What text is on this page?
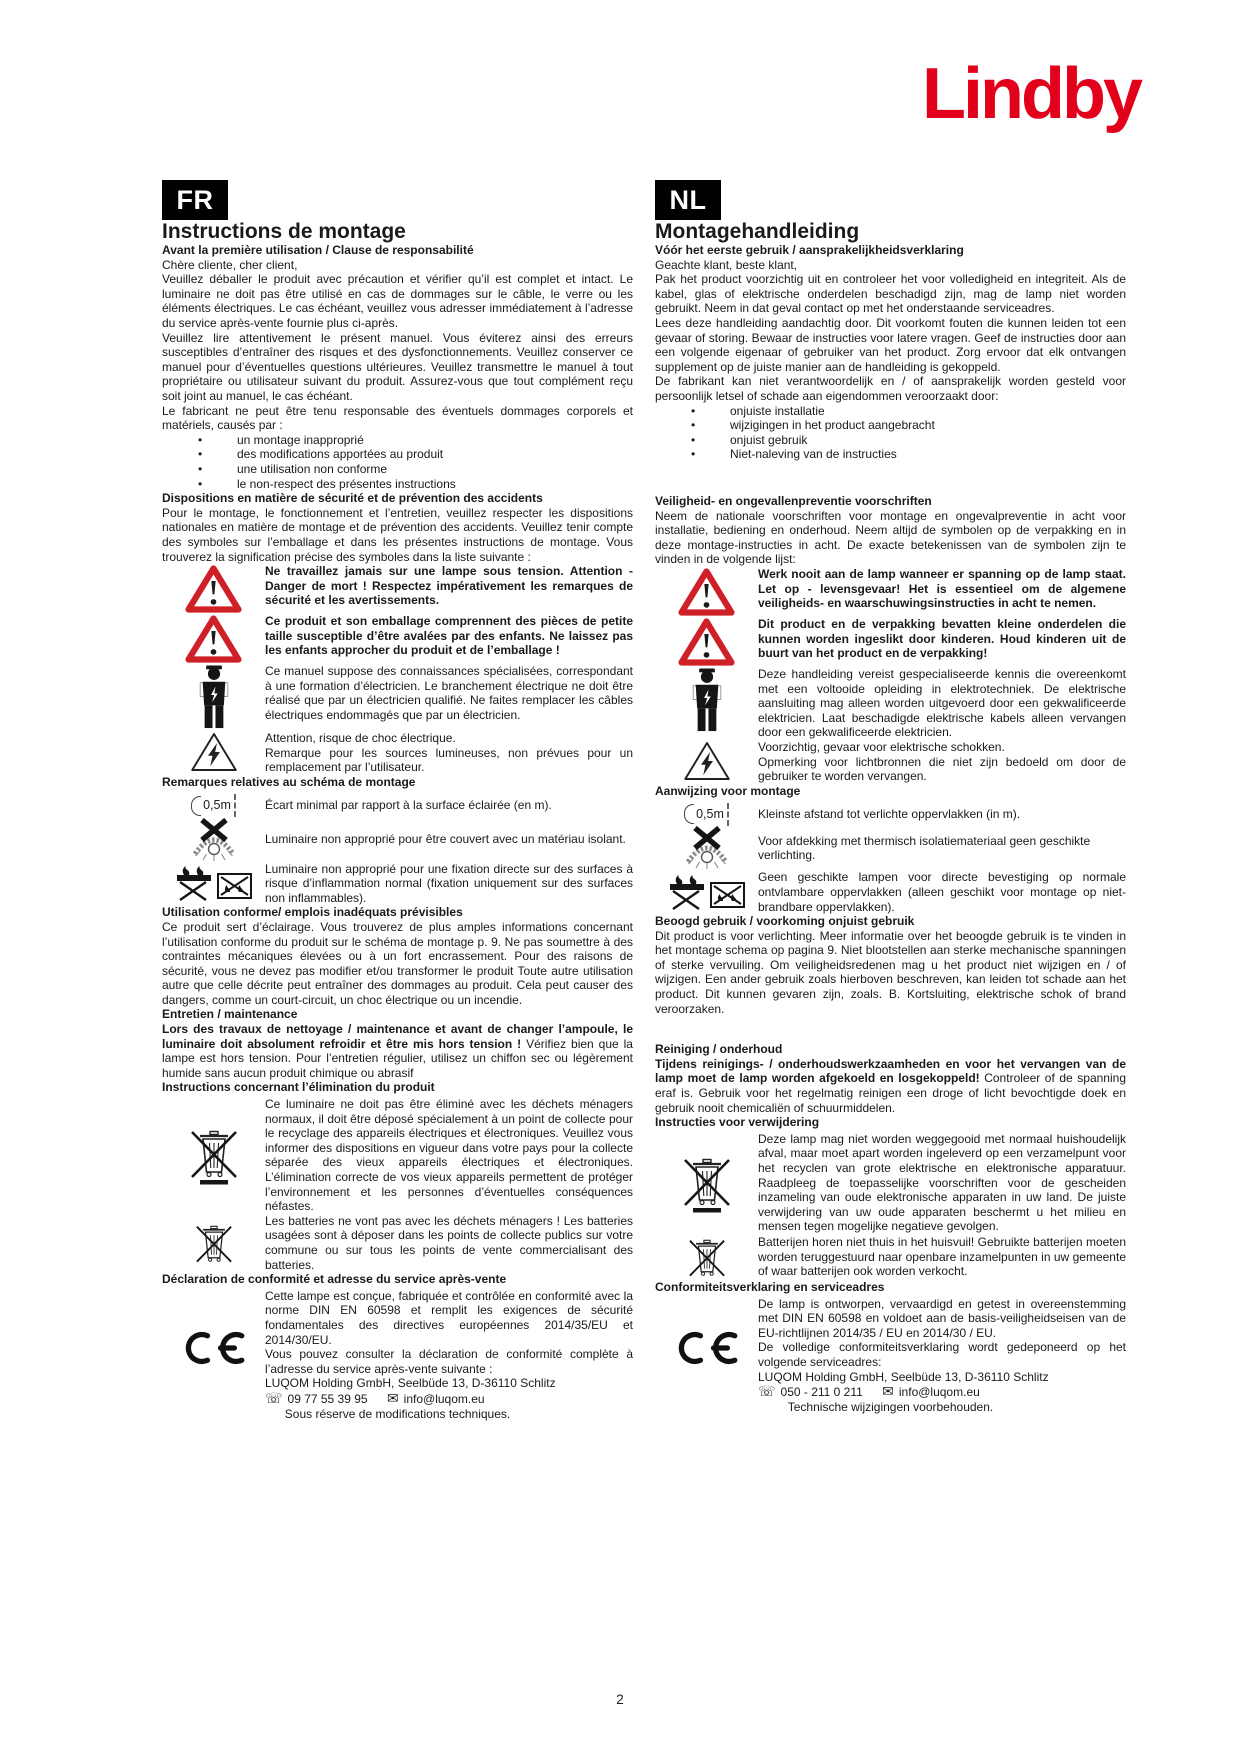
Lindby
FR
Instructions de montage
Avant la première utilisation / Clause de responsabilité
Chère cliente, cher client,
Veuillez déballer le produit avec précaution et vérifier qu’il est complet et intact. Le luminaire ne doit pas être utilisé en cas de dommages sur le câble, le verre ou les éléments électriques. Le cas échéant, veuillez vous adresser immédiatement à l’adresse du service après-vente fournie plus ci-après.
Veuillez lire attentivement le présent manuel. Vous éviterez ainsi des erreurs susceptibles d’entraîner des risques et des dysfonctionnements. Veuillez conserver ce manuel pour d’éventuelles questions ultérieures. Veuillez transmettre le manuel à tout propriétaire ou utilisateur suivant du produit. Assurez-vous que tout complément reçu soit joint au manuel, le cas échéant.
Le fabricant ne peut être tenu responsable des éventuels dommages corporels et matériels, causés par :
• un montage inapproprié
• des modifications apportées au produit
• une utilisation non conforme
• le non-respect des présentes instructions
Dispositions en matière de sécurité et de prévention des accidents
Pour le montage, le fonctionnement et l’entretien, veuillez respecter les dispositions nationales en matière de montage et de prévention des accidents. Veuillez tenir compte des symboles sur l’emballage et dans les présentes instructions de montage. Vous trouverez la signification précise des symboles dans la liste suivante :
Ne travaillez jamais sur une lampe sous tension. Attention - Danger de mort ! Respectez impérativement les remarques de sécurité et les avertissements.
Ce produit et son emballage comprennent des pièces de petite taille susceptible d’être avalées par des enfants. Ne laissez pas les enfants approcher du produit et de l’emballage !
Ce manuel suppose des connaissances spécialisées, correspondant à une formation d’électricien. Le branchement électrique ne doit être réalisé que par un électricien qualifié. Ne faites remplacer les câbles électriques endommagés que par un électricien.
Attention, risque de choc électrique.
Remarque pour les sources lumineuses, non prévues pour un remplacement par l’utilisateur.
Remarques relatives au schéma de montage
0,5m	Écart minimal par rapport à la surface éclairée (en m).
Luminaire non approprié pour être couvert avec un matériau isolant.
Luminaire non approprié pour une fixation directe sur des surfaces à risque d’inflammation normal (fixation uniquement sur des surfaces non inflammables).
Utilisation conforme/ emplois inadéquats prévisibles
Ce produit sert d’éclairage. Vous trouverez de plus amples informations concernant l’utilisation conforme du produit sur le schéma de montage p. 9. Ne pas soumettre à des contraintes mécaniques élevées ou à un fort encrassement. Pour des raisons de sécurité, vous ne devez pas modifier et/ou transformer le produit Toute autre utilisation autre que celle décrite peut entraîner des dommages au produit. Cela peut causer des dangers, comme un court-circuit, un choc électrique ou un incendie.
Entretien / maintenance
Lors des travaux de nettoyage / maintenance et avant de changer l’ampoule, le luminaire doit absolument refroidir et être mis hors tension ! Vérifiez bien que la lampe est hors tension. Pour l’entretien régulier, utilisez un chiffon sec ou légèrement humide sans aucun produit chimique ou abrasif
Instructions concernant l’élimination du produit
Ce luminaire ne doit pas être éliminé avec les déchets ménagers normaux, il doit être déposé spécialement à un point de collecte pour le recyclage des appareils électriques et électroniques. Veuillez vous informer des dispositions en vigueur dans votre pays pour la collecte séparée des vieux appareils électriques et électroniques. L’élimination correcte de vos vieux appareils permettent de protéger l’environnement et les personnes d’éventuelles conséquences néfastes.
Les batteries ne vont pas avec les déchets ménagers ! Les batteries usagées sont à déposer dans les points de collecte publics sur votre commune ou sur tous les points de vente commercialisant des batteries.
Déclaration de conformité et adresse du service après-vente
Cette lampe est conçue, fabriquée et contrôlée en conformité avec la norme DIN EN 60598 et remplit les exigences de sécurité fondamentales des directives européennes 2014/35/EU et 2014/30/EU.
Vous pouvez consulter la déclaration de conformité complète à l’adresse du service après-vente suivante :
LUQOM Holding GmbH, Seelbüde 13, D-36110 Schlitz
☏ 09 77 55 39 95 ✉ info@luqom.eu
Sous réserve de modifications techniques.
NL
Montagehandleiding
Vóór het eerste gebruik / aansprakelijkheidsverklaring
Geachte klant, beste klant,
Pak het product voorzichtig uit en controleer het voor volledigheid en integriteit. Als de kabel, glas of elektrische onderdelen beschadigd zijn, mag de lamp niet worden gebruikt. Neem in dat geval contact op met het onderstaande serviceadres.
Lees deze handleiding aandachtig door. Dit voorkomt fouten die kunnen leiden tot een gevaar of storing. Bewaar de instructies voor latere vragen. Geef de instructies door aan een volgende eigenaar of gebruiker van het product. Zorg ervoor dat elk ontvangen supplement op de juiste manier aan de handleiding is gekoppeld.
De fabrikant kan niet verantwoordelijk en / of aansprakelijk worden gesteld voor persoonlijk letsel of schade aan eigendommen veroorzaakt door:
• onjuiste installatie
• wijzigingen in het product aangebracht
• onjuist gebruik
• Niet-naleving van de instructies
Veiligheid- en ongevallenpreventie voorschriften
Neem de nationale voorschriften voor montage en ongevalpreventie in acht voor installatie, bediening en onderhoud. Neem altijd de symbolen op de verpakking en in deze montage-instructies in acht. De exacte betekenissen van de symbolen zijn te vinden in de volgende lijst:
Werk nooit aan de lamp wanneer er spanning op de lamp staat. Let op - levensgevaar! Het is essentieel om de algemene veiligheids- en waarschuwingsinstructies in acht te nemen.
Dit product en de verpakking bevatten kleine onderdelen die kunnen worden ingeslikt door kinderen. Houd kinderen uit de buurt van het product en de verpakking!
Deze handleiding vereist gespecialiseerde kennis die overeenkomt met een voltooide opleiding in elektrotechniek. De elektrische aansluiting mag alleen worden uitgevoerd door een gekwalificeerde elektricien. Laat beschadigde elektrische kabels alleen vervangen door een gekwalificeerde elektricien.
Voorzichtig, gevaar voor elektrische schokken.
Opmerking voor lichtbronnen die niet zijn bedoeld om door de gebruiker te worden vervangen.
Aanwijzing voor montage
0,5m	Kleinste afstand tot verlichte oppervlakken (in m).
Voor afdekking met thermisch isolatiemateriaal geen geschikte verlichting.
Geen geschikte lampen voor directe bevestiging op normale ontvlambare oppervlakken (alleen geschikt voor montage op niet-brandbare oppervlakken).
Beoogd gebruik / voorkoming onjuist gebruik
Dit product is voor verlichting. Meer informatie over het beoogde gebruik is te vinden in het montage schema op pagina 9. Niet blootstellen aan sterke mechanische spanningen of sterke vervuiling. Om veiligheidsredenen mag u het product niet wijzigen en / of wijzigen. Een ander gebruik zoals hierboven beschreven, kan leiden tot schade aan het product. Dit kunnen gevaren zijn, zoals. B. Kortsluiting, elektrische schok of brand veroorzaken.
Reiniging / onderhoud
Tijdens reinigings- / onderhoudswerkzaamheden en voor het vervangen van de lamp moet de lamp worden afgekoeld en losgekoppeld! Controleer of de spanning eraf is. Gebruik voor het regelmatig reinigen een droge of licht bevochtigde doek en gebruik nooit chemicaliën of schuurmiddelen.
Instructies voor verwijdering
Deze lamp mag niet worden weggegooid met normaal huishoudelijk afval, maar moet apart worden ingeleverd op een verzamelpunt voor het recyclen van grote elektrische en elektronische apparatuur. Raadpleeg de toepasselijke voorschriften voor de gescheiden inzameling van oude elektronische apparaten in uw land. De juiste verwijdering van uw oude apparaten beschermt u het milieu en mensen tegen mogelijke negatieve gevolgen.
Batterijen horen niet thuis in het huisvuil! Gebruikte batterijen moeten worden teruggestuurd naar openbare inzamelpunten in uw gemeente of waar batterijen ook worden verkocht.
Conformiteitsverklaring en serviceadres
De lamp is ontworpen, vervaardigd en getest in overeenstemming met DIN EN 60598 en voldoet aan de basis-veiligheidseisen van de EU-richtlijnen 2014/35 / EU en 2014/30 / EU.
De volledige conformiteitsverklaring wordt gedeponeerd op het volgende serviceadres:
LUQOM Holding GmbH, Seelbüde 13, D-36110 Schlitz
☏ 050 - 211 0 211 ✉ info@luqom.eu
Technische wijzigingen voorbehouden.
2
